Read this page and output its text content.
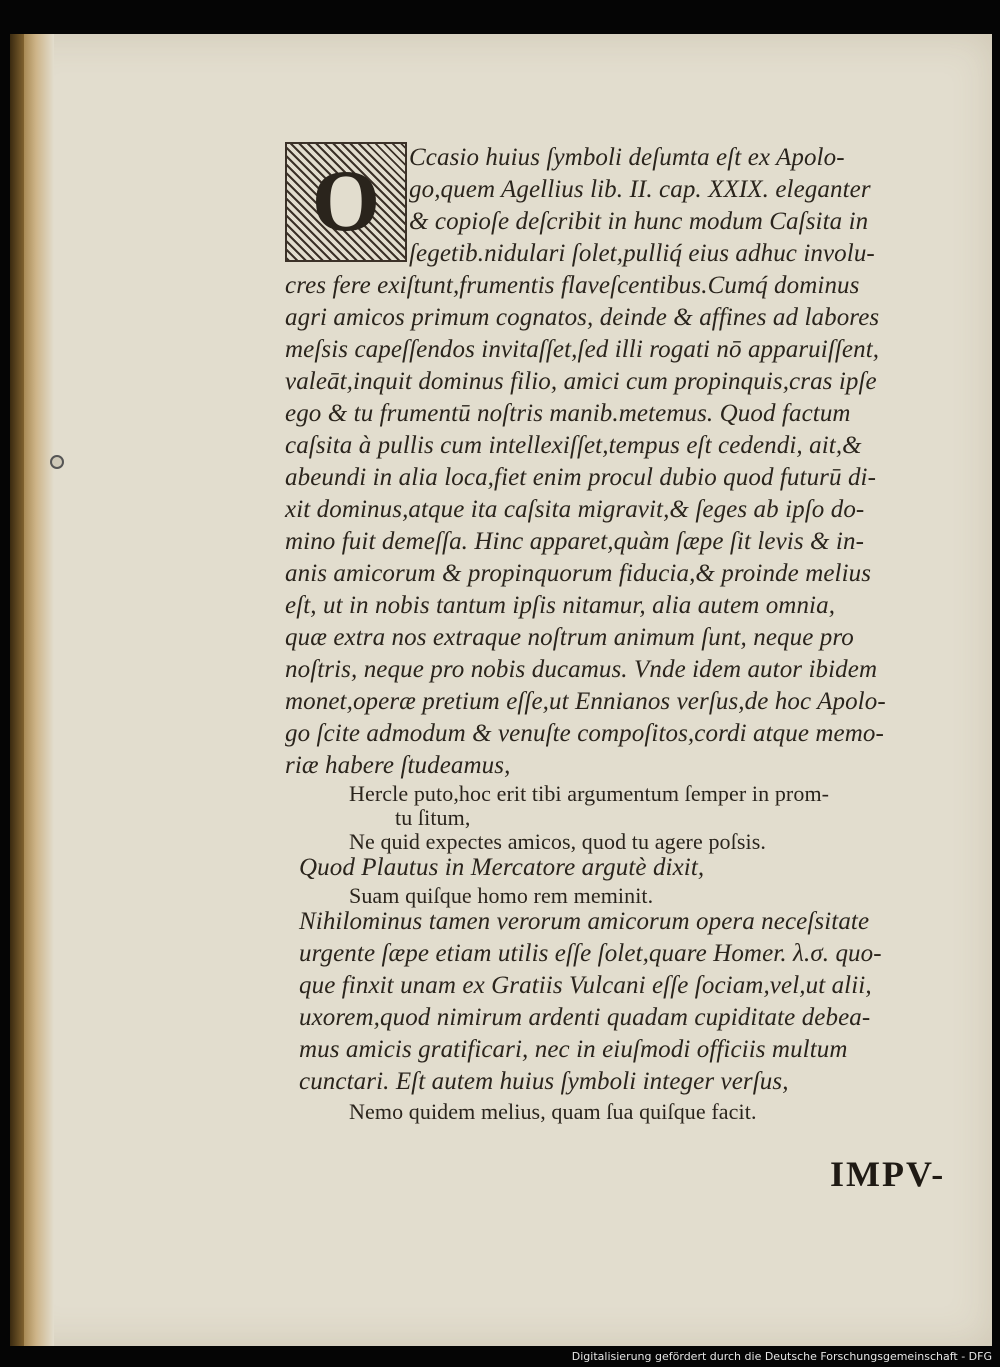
O	Ccasio huius ſymboli deſumta eſt ex Apolo-
go,quem Agellius lib. II. cap. XXIX. eleganter
& copioſe deſcribit in hunc modum Caſsita in
ſegetib.nidulari ſolet,pulliq́ eius adhuc involu-
cres fere exiſtunt,frumentis flaveſcentibus.Cumq́ dominus
agri amicos primum cognatos, deinde & affines ad labores
meſsis capeſſendos invitaſſet,ſed illi rogati nō apparuiſſent,
valeāt,inquit dominus filio, amici cum propinquis,cras ipſe
ego & tu frumentū noſtris manib.metemus. Quod factum
caſsita à pullis cum intellexiſſet,tempus eſt cedendi, ait,&
abeundi in alia loca,fiet enim procul dubio quod futurū di-
xit dominus,atque ita caſsita migravit,& ſeges ab ipſo do-
mino fuit demeſſa. Hinc apparet,quàm ſæpe ſit levis & in-
anis amicorum & propinquorum fiducia,& proinde melius
eſt, ut in nobis tantum ipſis nitamur, alia autem omnia,
quæ extra nos extraque noſtrum animum ſunt, neque pro
noſtris, neque pro nobis ducamus. Vnde idem autor ibidem
monet,operæ pretium eſſe,ut Ennianos verſus,de hoc Apolo-
go ſcite admodum & venuſte compoſitos,cordi atque memo-
riæ habere ſtudeamus,
Hercle puto,hoc erit tibi argumentum ſemper in prom-
tu ſitum,
Ne quid expectes amicos, quod tu agere poſsis.
Quod Plautus in Mercatore argutè dixit,
Suam quiſque homo rem meminit.
Nihilominus tamen verorum amicorum opera neceſsitate
urgente ſæpe etiam utilis eſſe ſolet,quare Homer. λ.σ. quo-
que finxit unam ex Gratiis Vulcani eſſe ſociam,vel,ut alii,
uxorem,quod nimirum ardenti quadam cupiditate debea-
mus amicis gratificari, nec in eiuſmodi officiis multum
cunctari. Eſt autem huius ſymboli integer verſus,
Nemo quidem melius, quam ſua quiſque facit.
IMPV-
Digitalisierung gefördert durch die Deutsche Forschungsgemeinschaft - DFG
